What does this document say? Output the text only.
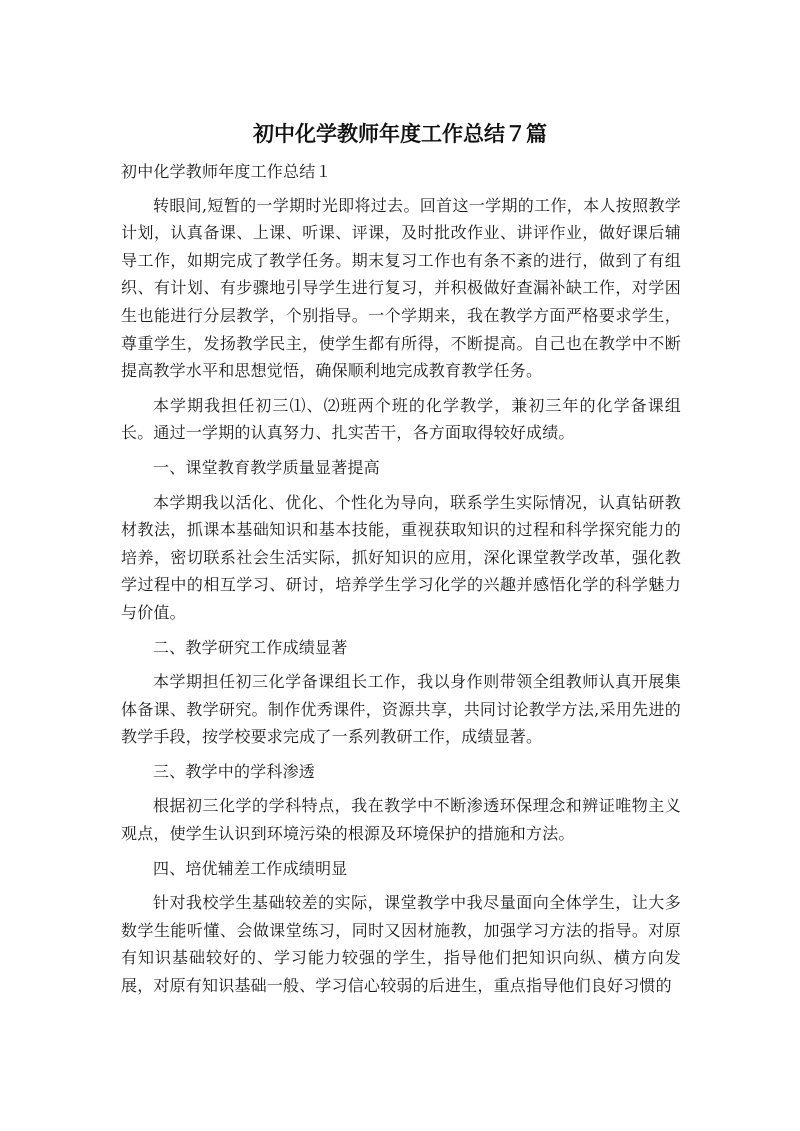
初中化学教师年度工作总结７篇

初中化学教师年度工作总结１

转眼间,短暂的一学期时光即将过去。回首这一学期的工作，本人按照教学计划，认真备课、上课、听课、评课，及时批改作业、讲评作业，做好课后辅导工作，如期完成了教学任务。期末复习工作也有条不紊的进行，做到了有组织、有计划、有步骤地引导学生进行复习，并积极做好查漏补缺工作，对学困生也能进行分层教学，个别指导。一个学期来，我在教学方面严格要求学生，尊重学生，发扬教学民主，使学生都有所得，不断提高。自己也在教学中不断提高教学水平和思想觉悟，确保顺利地完成教育教学任务。

本学期我担任初三⑴、⑵班两个班的化学教学，兼初三年的化学备课组长。通过一学期的认真努力、扎实苦干，各方面取得较好成绩。

一、课堂教育教学质量显著提高

本学期我以活化、优化、个性化为导向，联系学生实际情况，认真钻研教材教法，抓课本基础知识和基本技能，重视获取知识的过程和科学探究能力的培养，密切联系社会生活实际，抓好知识的应用，深化课堂教学改革，强化教学过程中的相互学习、研讨，培养学生学习化学的兴趣并感悟化学的科学魅力与价值。

二、教学研究工作成绩显著

本学期担任初三化学备课组长工作，我以身作则带领全组教师认真开展集体备课、教学研究。制作优秀课件，资源共享，共同讨论教学方法,采用先进的教学手段，按学校要求完成了一系列教研工作，成绩显著。

三、教学中的学科渗透

根据初三化学的学科特点，我在教学中不断渗透环保理念和辨证唯物主义观点，使学生认识到环境污染的根源及环境保护的措施和方法。

四、培优辅差工作成绩明显

针对我校学生基础较差的实际，课堂教学中我尽量面向全体学生，让大多数学生能听懂、会做课堂练习，同时又因材施教，加强学习方法的指导。对原有知识基础较好的、学习能力较强的学生，指导他们把知识向纵、横方向发展，对原有知识基础一般、学习信心较弱的后进生，重点指导他们良好习惯的
